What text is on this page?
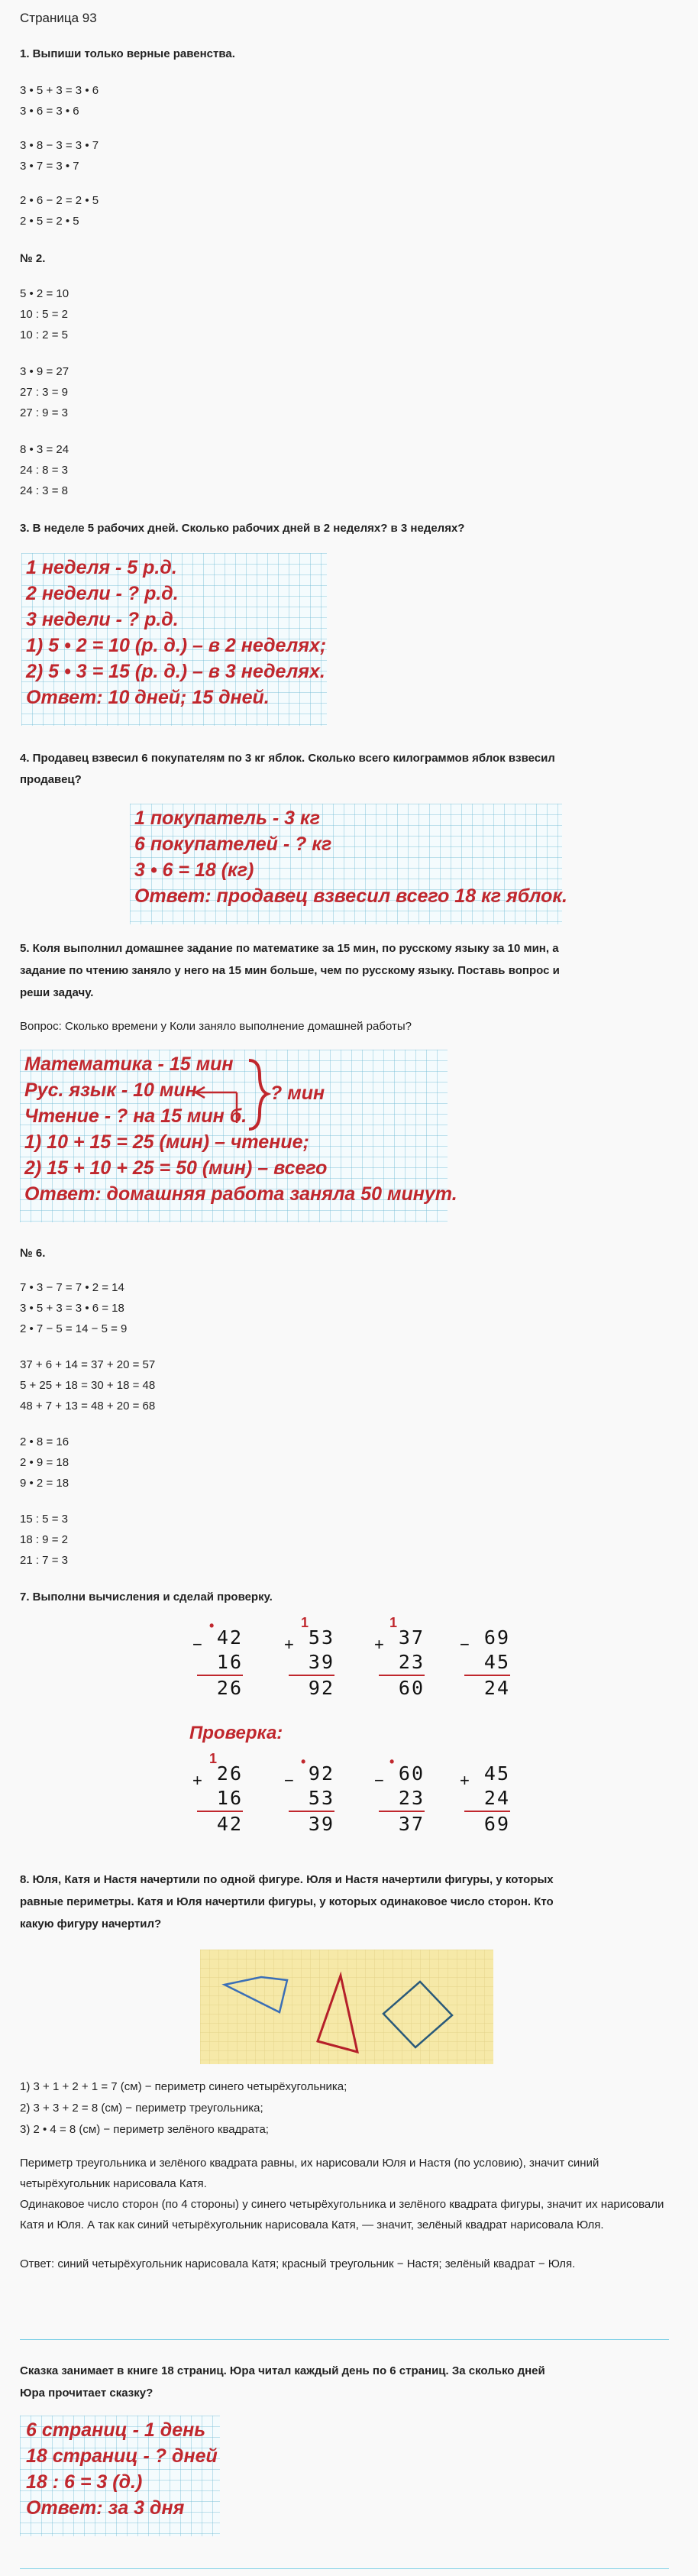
Страница 93
1. Выпиши только верные равенства.
3 • 5 + 3 = 3 • 6
3 • 6 = 3 • 6
3 • 8 − 3 = 3 • 7
3 • 7 = 3 • 7
2 • 6 − 2 = 2 • 5
2 • 5 = 2 • 5
№ 2.
5 • 2 = 10
10 : 5 = 2
10 : 2 = 5
3 • 9 = 27
27 : 3 = 9
27 : 9 = 3
8 • 3 = 24
24 : 8 = 3
24 : 3 = 8
3. В неделе 5 рабочих дней. Сколько рабочих дней в 2 неделях? в 3 неделях?
1 неделя - 5 р.д.
2 недели - ? р.д.
3 недели - ? р.д.
1) 5 • 2 = 10 (р. д.) – в 2 неделях;
2) 5 • 3 = 15 (р. д.) – в 3 неделях.
Ответ: 10 дней; 15 дней.
4. Продавец взвесил 6 покупателям по 3 кг яблок. Сколько всего килограммов яблок взвесил
продавец?
1 покупатель - 3 кг
6 покупателей - ? кг
3 • 6 = 18 (кг)
Ответ: продавец взвесил всего 18 кг яблок.
5. Коля выполнил домашнее задание по математике за 15 мин, по русскому языку за 10 мин, а
задание по чтению заняло у него на 15 мин больше, чем по русскому языку. Поставь вопрос и
реши задачу.
Вопрос: Сколько времени у Коли заняло выполнение домашней работы?
Математика - 15 мин
Рус. язык - 10 мин
Чтение - ? на 15 мин б.
1) 10 + 15 = 25 (мин) – чтение;
2) 15 + 10 + 25 = 50 (мин) – всего
Ответ: домашняя работа заняла 50 минут.
? мин
№ 6.
7 • 3 − 7 = 7 • 2 = 14
3 • 5 + 3 = 3 • 6 = 18
2 • 7 − 5 = 14 − 5 = 9
37 + 6 + 14 = 37 + 20 = 57
5 + 25 + 18 = 30 + 18 = 48
48 + 7 + 13 = 48 + 20 = 68
2 • 8 = 16
2 • 9 = 18
9 • 2 = 18
15 : 5 = 3
18 : 9 = 2
21 : 7 = 3
7. Выполни вычисления и сделай проверку.
−
•
42
16
26
+
1
53
39
92
+
1
37
23
60
− 69
45
24
Проверка:
+
1
26
16
42
−
•
92
53
39
−
•
60
23
37
+ 45
24
69
8. Юля, Катя и Настя начертили по одной фигуре. Юля и Настя начертили фигуры, у которых
равные периметры. Катя и Юля начертили фигуры, у которых одинаковое число сторон. Кто
какую фигуру начертил?
1) 3 + 1 + 2 + 1 = 7 (см) − периметр синего четырёхугольника;
2) 3 + 3 + 2 = 8 (см) − периметр треугольника;
3) 2 • 4 = 8 (см) − периметр зелёного квадрата;
Периметр треугольника и зелёного квадрата равны, их нарисовали Юля и Настя (по условию), значит синий четырёхугольник нарисовала Катя.
Одинаковое число сторон (по 4 стороны) у синего четырёхугольника и зелёного квадрата фигуры, значит их нарисовали Катя и Юля. А так как синий четырёхугольник нарисовала Катя, — значит, зелёный квадрат нарисовала Юля.
Ответ: синий четырёхугольник нарисовала Катя; красный треугольник − Настя; зелёный квадрат − Юля.
Сказка занимает в книге 18 страниц. Юра читал каждый день по 6 страниц. За сколько дней
Юра прочитает сказку?
6 страниц - 1 день
18 страниц - ? дней
18 : 6 = 3 (д.)
Ответ: за 3 дня
